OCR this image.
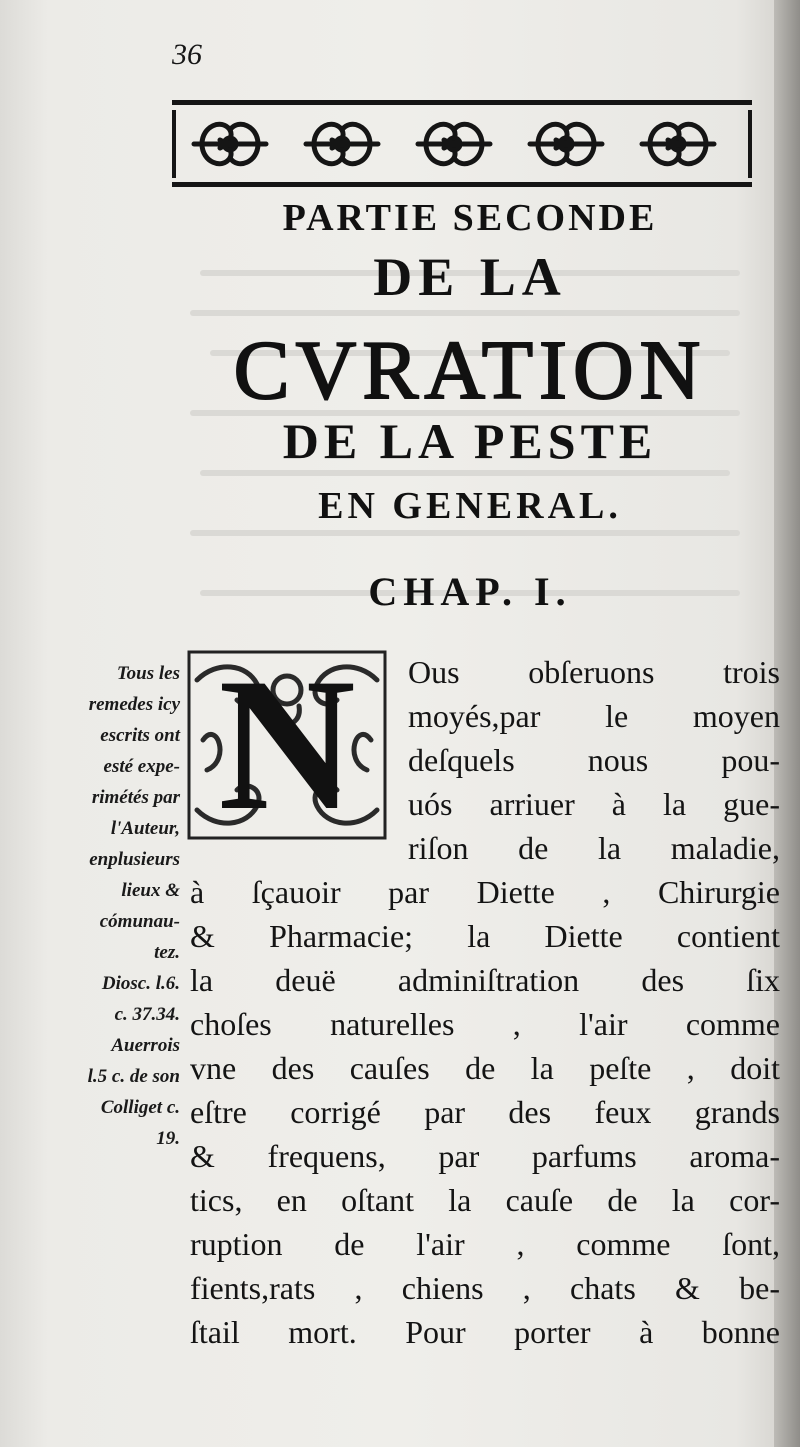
36
PARTIE SECONDE
DE LA
CVRATION
DE LA PESTE
EN GENERAL.
CHAP. I.
Tous les
remedes icy
escrits ont
esté expe-
rimétés par
l'Auteur,
enplusieurs
lieux &
cómunau-
tez.
Diosc. l.6.
c. 37.34.
Auerrois
l.5 c. de son
Colliget c.
19.
N	Ous obſeruons trois
moyés,par le moyen
deſquels nous pou-
uós arriuer à la gue-
riſon de la maladie,
à ſçauoir par Diette , Chirurgie
& Pharmacie; la Diette contient
la deuë adminiſtration des ſix
choſes naturelles , l'air comme
vne des cauſes de la peſte , doit
eſtre corrigé par des feux grands
& frequens, par parfums aroma-
tics, en oſtant la cauſe de la cor-
ruption de l'air , comme ſont,
fients,rats , chiens , chats & be-
ſtail mort. Pour porter à bonne
